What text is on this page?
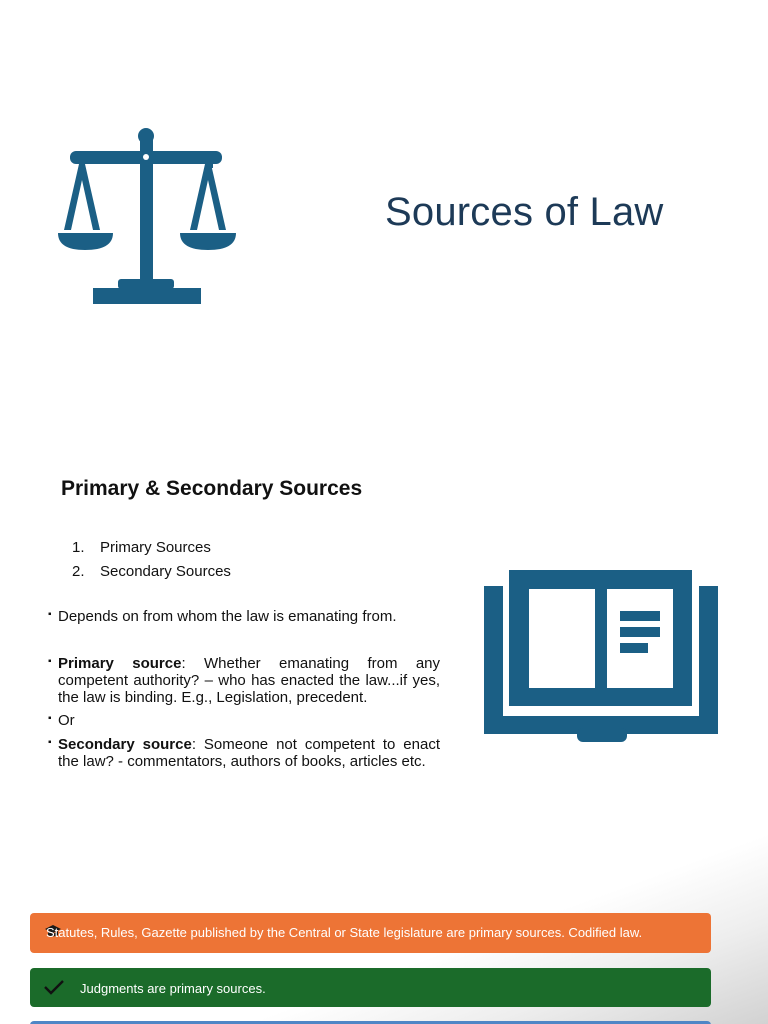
Sources of Law
Primary & Secondary Sources
1.	Primary Sources
2.	Secondary Sources
▪ Depends on from whom the law is emanating from.
▪ Primary source: Whether emanating from any competent authority? – who has enacted the law...if yes, the law is binding. E.g., Legislation, precedent.
▪ Or
▪ Secondary source: Someone not competent to enact the law? - commentators, authors of books, articles etc.
Statutes, Rules, Gazette published by the Central or State legislature are primary sources. Codified law.
Judgments are primary sources.
